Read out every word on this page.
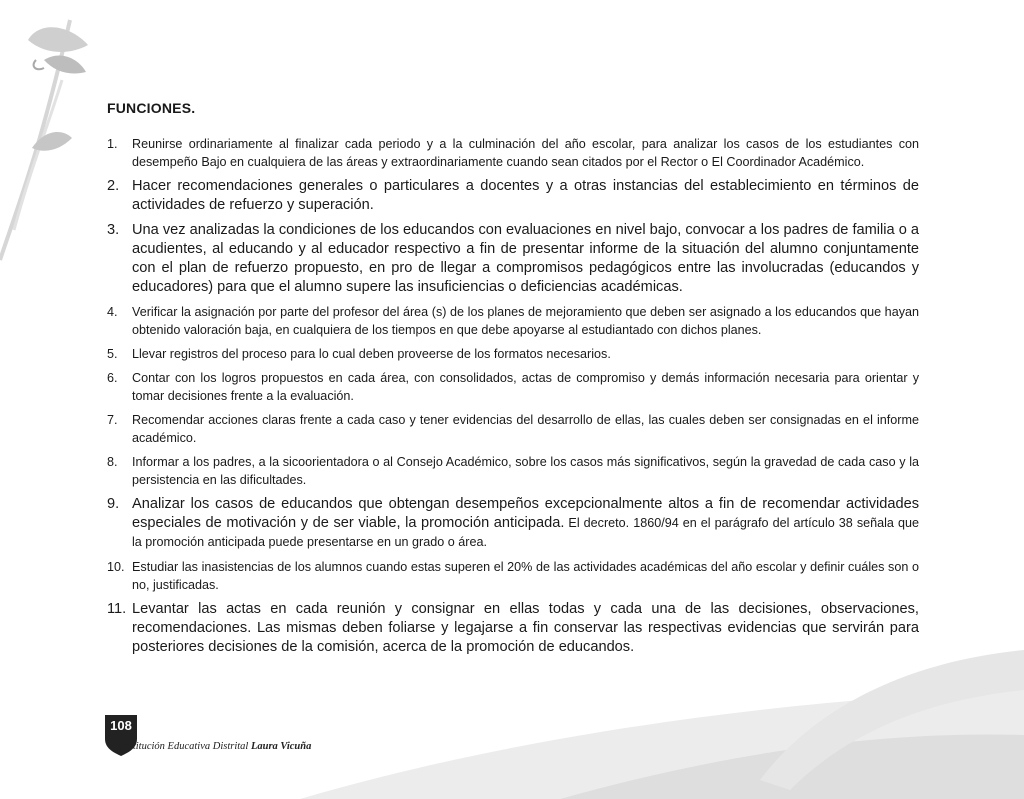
FUNCIONES.
1.	Reunirse ordinariamente al finalizar cada periodo y a la culminación del año escolar, para analizar los casos de los estudiantes con desempeño Bajo en cualquiera de las áreas y extraordinariamente cuando sean citados por el Rector o El Coordinador Académico.
2. Hacer recomendaciones generales o particulares a docentes y a otras instancias del establecimiento en términos de actividades de refuerzo y superación.
3. Una vez analizadas la condiciones de los educandos con evaluaciones en nivel bajo, convocar a los padres de familia o a acudientes, al educando y al educador respectivo a fin de presentar informe de la situación del alumno conjuntamente con el plan de refuerzo propuesto, en pro de llegar a compromisos pedagógicos entre las involucradas (educandos y educadores) para que el alumno supere las insuficiencias o deficiencias académicas.
4.	Verificar la asignación por parte del profesor del área (s) de los planes de mejoramiento que deben ser asignado a los educandos que hayan obtenido valoración baja, en cualquiera de los tiempos en que debe apoyarse al estudiantado con dichos planes.
5.	Llevar registros del proceso para lo cual deben proveerse de los formatos necesarios.
6.	Contar con los logros propuestos en cada área, con consolidados, actas de compromiso y demás información necesaria para orientar y tomar decisiones frente a la evaluación.
7.	Recomendar acciones claras frente a cada caso y tener evidencias del desarrollo de ellas, las cuales deben ser consignadas en el informe académico.
8.	Informar a los padres, a la sicoorientadora o al Consejo Académico, sobre los casos más significativos, según la gravedad de cada caso y la persistencia en las dificultades.
9. Analizar los casos de educandos que obtengan desempeños excepcionalmente altos a fin de recomendar actividades especiales de motivación y de ser viable, la promoción anticipada. El decreto. 1860/94 en el parágrafo del artículo 38 señala que la promoción anticipada puede presentarse en un grado o área.
10. Estudiar las inasistencias de los alumnos cuando estas superen el 20% de las actividades académicas del año escolar y definir cuáles son o no, justificadas.
11. Levantar las actas en cada reunión y consignar en ellas todas y cada una de las decisiones, observaciones, recomendaciones. Las mismas deben foliarse y legajarse a fin conservar las respectivas evidencias que servirán para posteriores decisiones de la comisión, acerca de la promoción de educandos.
108
Institución Educativa Distrital Laura Vicuña
